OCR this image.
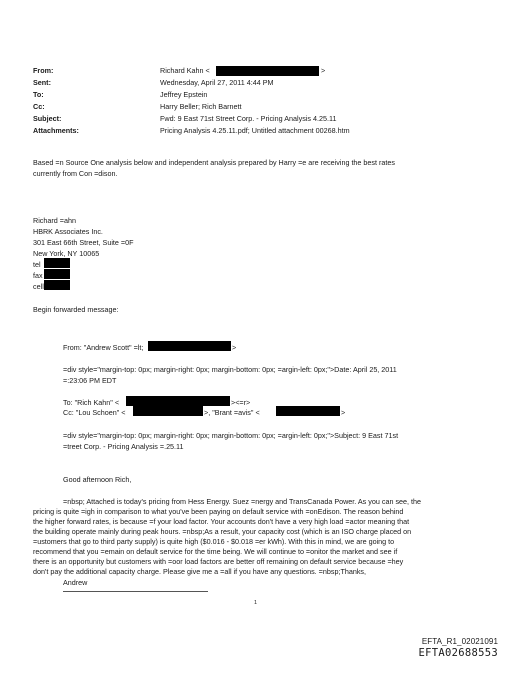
From:	Richard Kahn <	>
Sent:	Wednesday, April 27, 2011 4:44 PM
To:	Jeffrey Epstein
Cc:	Harry Beller; Rich Barnett
Subject:	Fwd: 9 East 71st Street Corp. - Pricing Analysis 4.25.11
Attachments:	Pricing Analysis 4.25.11.pdf; Untitled attachment 00268.htm
Based =n Source One analysis below and independent analysis prepared by Harry =e are receiving the best rates
currently from Con =dison.
Richard =ahn
HBRK Associates Inc.
301 East 66th Street, Suite =0F
New York, NY 10065
tel
fax
cell
Begin forwarded message:
From: "Andrew Scott" =lt;	>
=div style="margin-top: 0px; margin-right: 0px; margin-bottom: 0px; =argin-left: 0px;">Date: April 25, 2011
=:23:06 PM EDT
To: "Rich Kahn" <	><=r>
Cc: "Lou Schoen" <	>, "Brant =avis" <	>
=div style="margin-top: 0px; margin-right: 0px; margin-bottom: 0px; =argin-left: 0px;">Subject: 9 East 71st
=treet Corp. - Pricing Analysis =.25.11
Good afternoon Rich,
=nbsp; Attached is today's pricing from Hess Energy. Suez =nergy and TransCanada Power. As you can see, the
pricing is quite =igh in comparison to what you've been paying on default service with =onEdison. The reason behind
the higher forward rates, is because =f your load factor. Your accounts don't have a very high load =actor meaning that
the building operate mainly during peak hours. =nbsp;As a result, your capacity cost (which is an ISO charge placed on
=ustomers that go to third party supply) is quite high ($0.016 - $0.018 =er kWh). With this in mind, we are going to
recommend that you =emain on default service for the time being. We will continue to =onitor the market and see if
there is an opportunity but customers with =oor load factors are better off remaining on default service because =hey
don't pay the additional capacity charge. Please give me a =all if you have any questions. =nbsp;Thanks,
Andrew
1
EFTA_R1_02021091
EFTA02688553
